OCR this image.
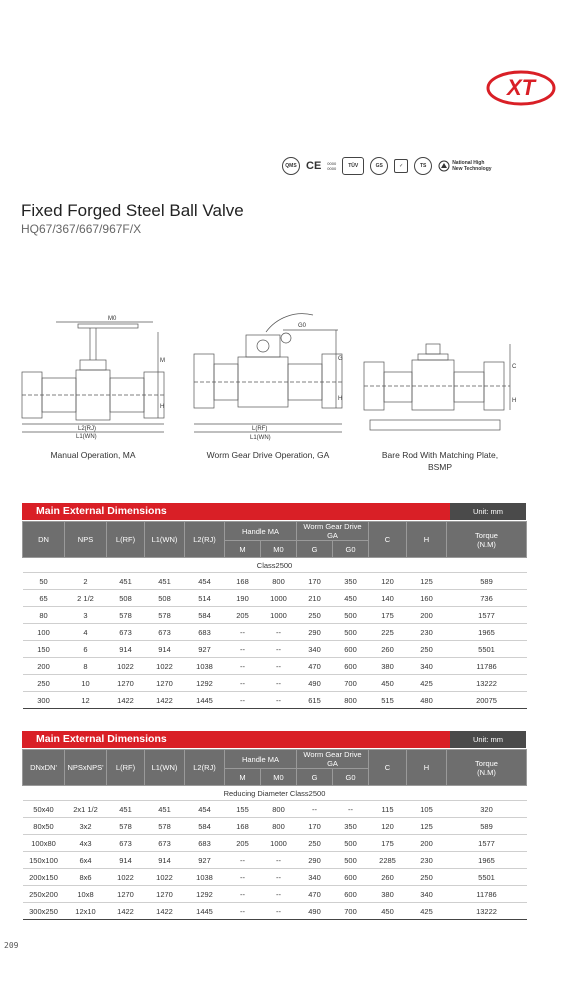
XT
QMS CE 0000
0000	TÜV	GS	✓	TS	National High
New Technology
Fixed Forged Steel Ball Valve
HQ67/367/667/967F/X
M0
M
H
L2(RJ)
L1(WN)
Manual Operation, MA
G0
G
H
L(RF)
L1(WN)
Worm Gear Drive Operation, GA
C
H
Bare Rod With Matching Plate,
BSMP
Main External Dimensions	Unit: mm
DN	NPS	L(RF)	L1(WN)	L2(RJ)	Handle MA		Worm Gear Drive GA		C	H	Torque
(N.M)
					M	M0	G	G0			
Class2500											
50	2	451	451	454	168	800	170	350	120	125	589
65	2 1/2	508	508	514	190	1000	210	450	140	160	736
80	3	578	578	584	205	1000	250	500	175	200	1577
100	4	673	673	683	--	--	290	500	225	230	1965
150	6	914	914	927	--	--	340	600	260	250	5501
200	8	1022	1022	1038	--	--	470	600	380	340	11786
250	10	1270	1270	1292	--	--	490	700	450	425	13222
300	12	1422	1422	1445	--	--	615	800	515	480	20075
Main External Dimensions	Unit: mm
DNxDN'	NPSxNPS'	L(RF)	L1(WN)	L2(RJ)	Handle MA		Worm Gear Drive GA		C	H	Torque
(N.M)
					M	M0	G	G0			
Reducing Diameter Class2500											
50x40	2x1 1/2	451	451	454	155	800	--	--	115	105	320
80x50	3x2	578	578	584	168	800	170	350	120	125	589
100x80	4x3	673	673	683	205	1000	250	500	175	200	1577
150x100	6x4	914	914	927	--	--	290	500	2285	230	1965
200x150	8x6	1022	1022	1038	--	--	340	600	260	250	5501
250x200	10x8	1270	1270	1292	--	--	470	600	380	340	11786
300x250	12x10	1422	1422	1445	--	--	490	700	450	425	13222
209
